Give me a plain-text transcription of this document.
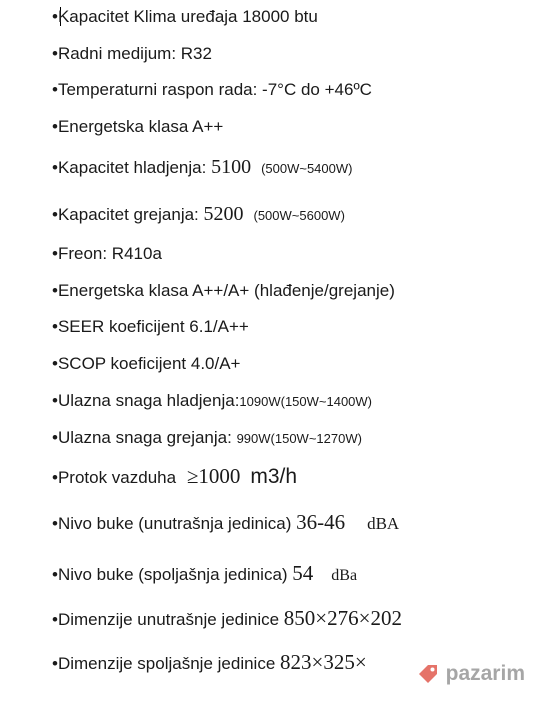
•Kapacitet Klima uređaja 18000 btu
•Radni medijum: R32
•Temperaturni raspon rada: -7°C do +46ºC
•Energetska klasa A++
•Kapacitet hladjenja: 5100 (500W~5400W)
•Kapacitet grejanja: 5200 (500W~5600W)
•Freon: R410a
•Energetska klasa A++/A+ (hlađenje/grejanje)
•SEER koeficijent 6.1/A++
•SCOP koeficijent 4.0/A+
•Ulazna snaga hladjenja:1090W(150W~1400W)
•Ulazna snaga grejanja: 990W(150W~1270W)
•Protok vazduha ≥1000 m3/h
•Nivo buke (unutrašnja jedinica) 36-46 dBA
•Nivo buke (spoljašnja jedinica) 54 dBa
•Dimenzije unutrašnje jedinice 850×276×202
•Dimenzije spoljašnje jedinice 823×325×	pazarim
